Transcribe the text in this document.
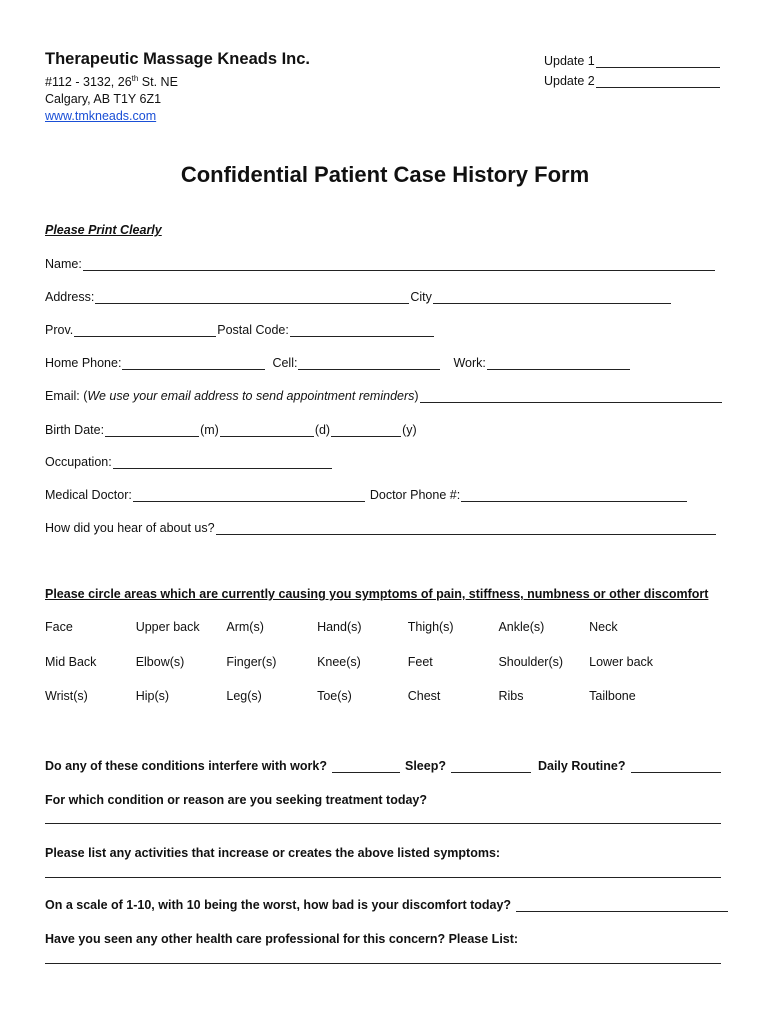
Therapeutic Massage Kneads Inc.
#112 - 3132, 26th St. NE
Calgary, AB T1Y 6Z1
www.tmkneads.com
Update 1
Update 2
Confidential Patient Case History Form
Please Print Clearly
Name:
Address:	City
Prov.	Postal Code:
Home Phone:	Cell:	Work:
Email: ( We use your email address to send appointment reminders )
Birth Date:	(m)	(d)	(y)
Occupation:
Medical Doctor:	Doctor Phone #:
How did you hear of about us?
Please circle areas which are currently causing you symptoms of pain, stiffness, numbness or other discomfort
Face	Upper back	Arm(s)	Hand(s)	Thigh(s)	Ankle(s)	Neck
Mid Back	Elbow(s)	Finger(s)	Knee(s)	Feet	Shoulder(s)	Lower back
Wrist(s)	Hip(s)	Leg(s)	Toe(s)	Chest	Ribs	Tailbone
Do any of these conditions interfere with work?	Sleep?	Daily Routine?
For which condition or reason are you seeking treatment today?
Please list any activities that increase or creates the above listed symptoms:
On a scale of 1-10, with 10 being the worst, how bad is your discomfort today?
Have you seen any other health care professional for this concern? Please List:
